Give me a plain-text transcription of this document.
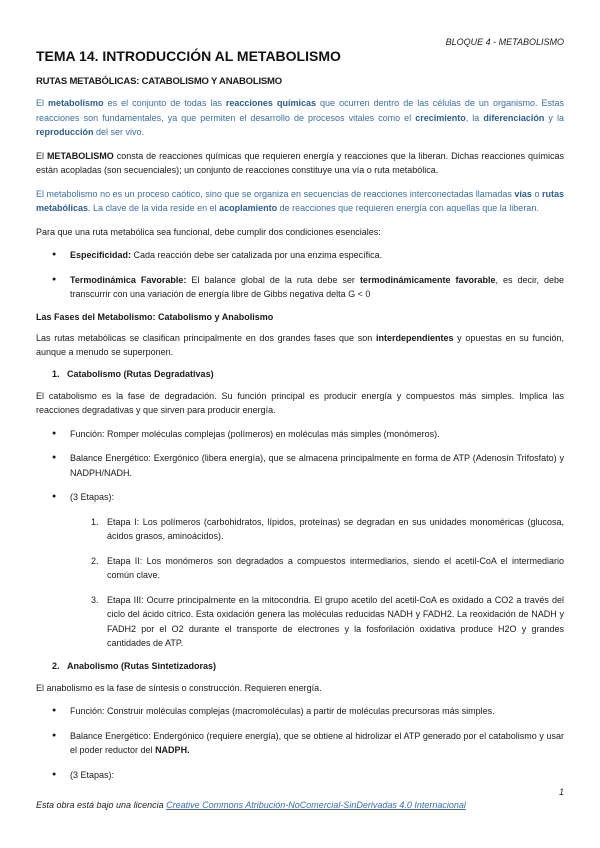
BLOQUE 4 - METABOLISMO
TEMA 14. INTRODUCCIÓN AL METABOLISMO
RUTAS METABÓLICAS: CATABOLISMO Y ANABOLISMO

El metabolismo es el conjunto de todas las reacciones químicas que ocurren dentro de las células de un organismo. Estas reacciones son fundamentales, ya que permiten el desarrollo de procesos vitales como el crecimiento, la diferenciación y la reproducción del ser vivo.

El METABOLISMO consta de reacciones químicas que requieren energía y reacciones que la liberan. Dichas reacciones químicas están acopladas (son secuenciales); un conjunto de reacciones constituye una vía o ruta metabólica.

El metabolismo no es un proceso caótico, sino que se organiza en secuencias de reacciones interconectadas llamadas vías o rutas metabólicas. La clave de la vida reside en el acoplamiento de reacciones que requieren energía con aquellas que la liberan.

Para que una ruta metabólica sea funcional, debe cumplir dos condiciones esenciales:

● Especificidad: Cada reacción debe ser catalizada por una enzima específica.
● Termodinámica Favorable: El balance global de la ruta debe ser termodinámicamente favorable, es decir, debe transcurrir con una variación de energía libre de Gibbs negativa delta G < 0
Las Fases del Metabolismo: Catabolismo y Anabolismo

Las rutas metabólicas se clasifican principalmente en dos grandes fases que son interdependientes y opuestas en su función, aunque a menudo se superponen.

1. Catabolismo (Rutas Degradativas)

El catabolismo es la fase de degradación. Su función principal es producir energía y compuestos más simples. Implica las reacciones degradativas y que sirven para producir energía.

● Función: Romper moléculas complejas (polímeros) en moléculas más simples (monómeros).
● Balance Energético: Exergónico (libera energía), que se almacena principalmente en forma de ATP (Adenosín Trifosfato) y NADPH/NADH.
● (3 Etapas):
1. Etapa I: Los polímeros (carbohidratos, lípidos, proteínas) se degradan en sus unidades monoméricas (glucosa, ácidos grasos, aminoácidos).
2. Etapa II: Los monómeros son degradados a compuestos intermediarios, siendo el acetil-CoA el intermediario común clave.
3. Etapa III: Ocurre principalmente en la mitocondria. El grupo acetilo del acetil-CoA es oxidado a CO2 a través del ciclo del ácido cítrico. Esta oxidación genera las moléculas reducidas NADH y FADH2. La reoxidación de NADH y FADH2 por el O2 durante el transporte de electrones y la fosforilación oxidativa produce H2O y grandes cantidades de ATP.
2. Anabolismo (Rutas Sintetizadoras)

El anabolismo es la fase de síntesis o construcción. Requieren energía.

● Función: Construir moléculas complejas (macromoléculas) a partir de moléculas precursoras más simples.
● Balance Energético: Endergónico (requiere energía), que se obtiene al hidrolizar el ATP generado por el catabolismo y usar el poder reductor del NADPH.
● (3 Etapas):
1
Esta obra está bajo una licencia Creative Commons Atribución-NoComercial-SinDerivadas 4.0 Internacional
